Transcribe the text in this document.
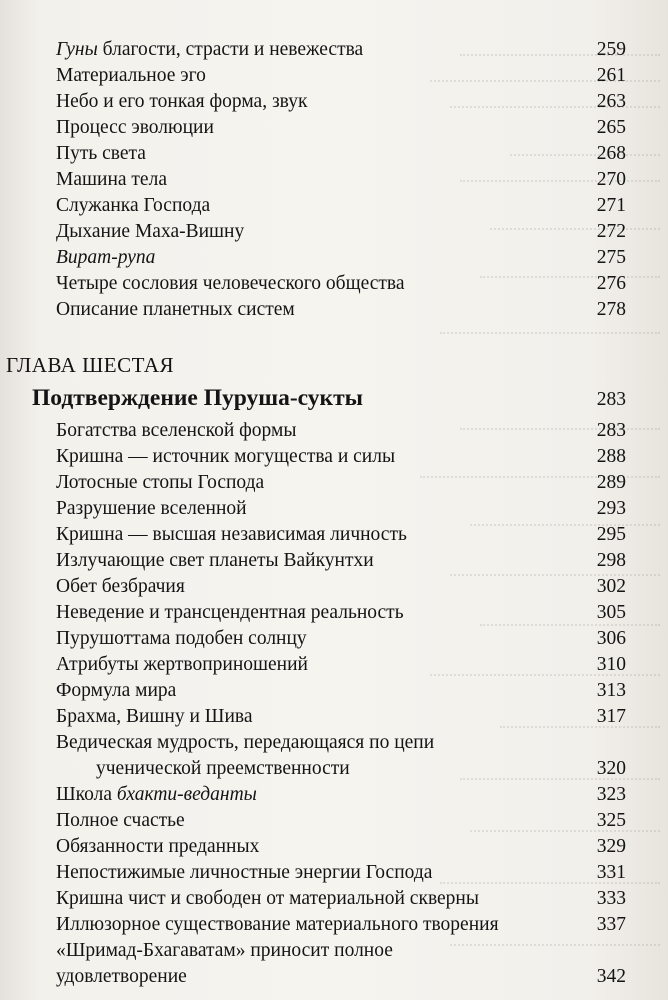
Гуны благости, страсти и невежества	259
Материальное эго	261
Небо и его тонкая форма, звук	263
Процесс эволюции	265
Путь света	268
Машина тела	270
Служанка Господа	271
Дыхание Маха-Вишну	272
Вират-рупа	275
Четыре сословия человеческого общества	276
Описание планетных систем	278
ГЛАВА ШЕСТАЯ
Подтверждение Пуруша-сукты	283
Богатства вселенской формы	283
Кришна — источник могущества и силы	288
Лотосные стопы Господа	289
Разрушение вселенной	293
Кришна — высшая независимая личность	295
Излучающие свет планеты Вайкунтхи	298
Обет безбрачия	302
Неведение и трансцендентная реальность	305
Пурушоттама подобен солнцу	306
Атрибуты жертвоприношений	310
Формула мира	313
Брахма, Вишну и Шива	317
Ведическая мудрость, передающаяся по цепи
ученической преемственности	320
Школа бхакти-веданты	323
Полное счастье	325
Обязанности преданных	329
Непостижимые личностные энергии Господа	331
Кришна чист и свободен от материальной скверны	333
Иллюзорное существование материального творения	337
«Шримад-Бхагаватам» приносит полное
удовлетворение	342
